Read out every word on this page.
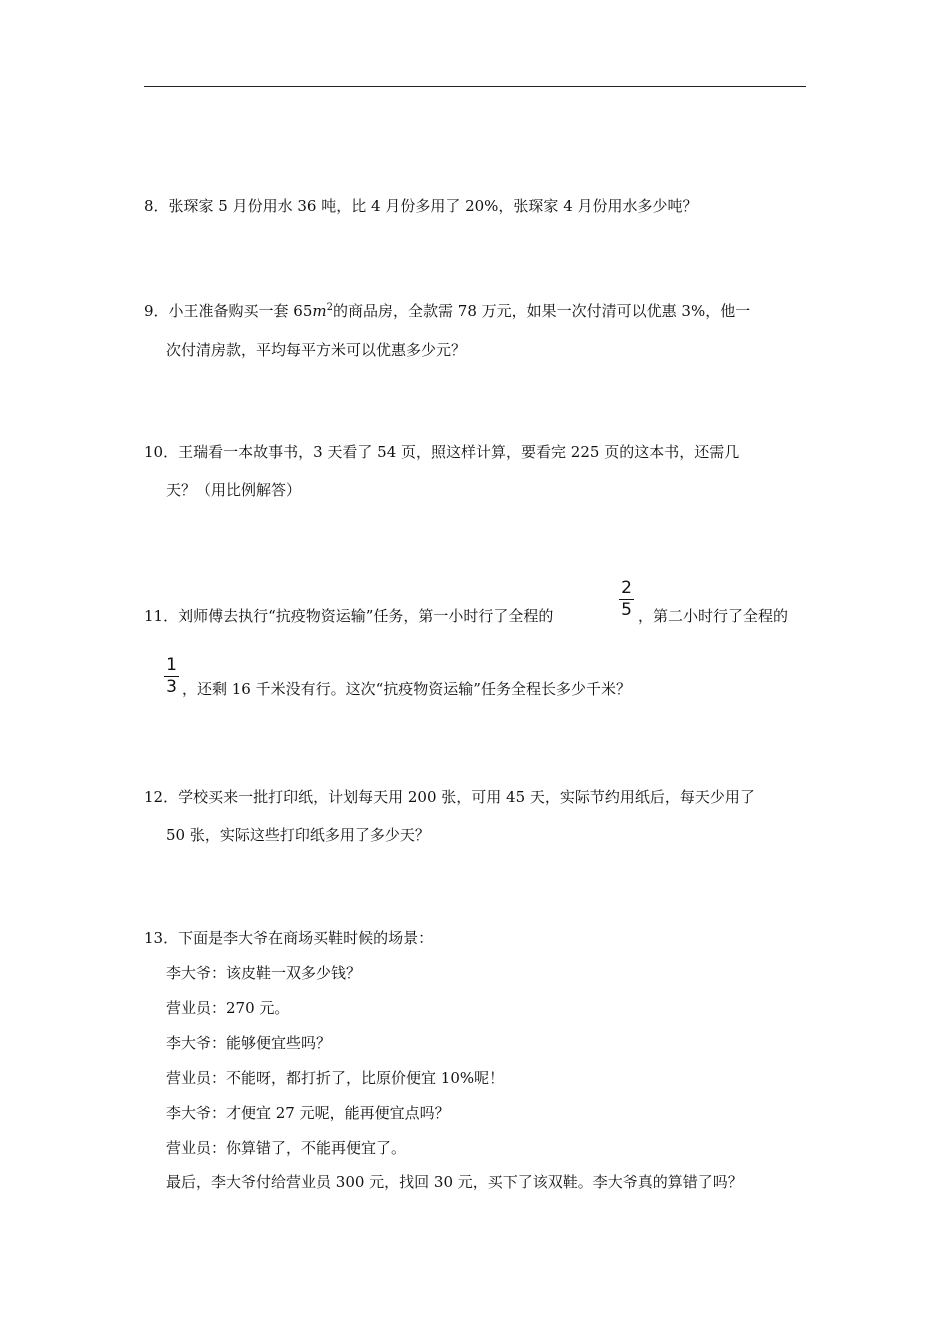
8．张琛家 5 月份用水 36 吨，比 4 月份多用了 20%，张琛家 4 月份用水多少吨？
9．小王准备购买一套 $65m^2$的商品房，全款需 78 万元，如果一次付清可以优惠 3%，他一
次付清房款，平均每平方米可以优惠多少元？
10．王瑞看一本故事书，3 天看了 54 页，照这样计算，要看完 225 页的这本书，还需几
天？（用比例解答）
11．刘师傅去执行“抗疫物资运输”任务，第一小时行了全程的
2
5 ，第二小时行了全程的
1
3 ，还剩 16 千米没有行。这次“抗疫物资运输”任务全程长多少千米？
12．学校买来一批打印纸，计划每天用 200 张，可用 45 天，实际节约用纸后，每天少用了
50 张，实际这些打印纸多用了多少天？
13．下面是李大爷在商场买鞋时候的场景：
李大爷：该皮鞋一双多少钱？
营业员：270 元。
李大爷：能够便宜些吗？
营业员：不能呀，都打折了，比原价便宜 10%呢！
李大爷：才便宜 27 元呢，能再便宜点吗？
营业员：你算错了，不能再便宜了。
最后，李大爷付给营业员 300 元，找回 30 元，买下了该双鞋。李大爷真的算错了吗？
